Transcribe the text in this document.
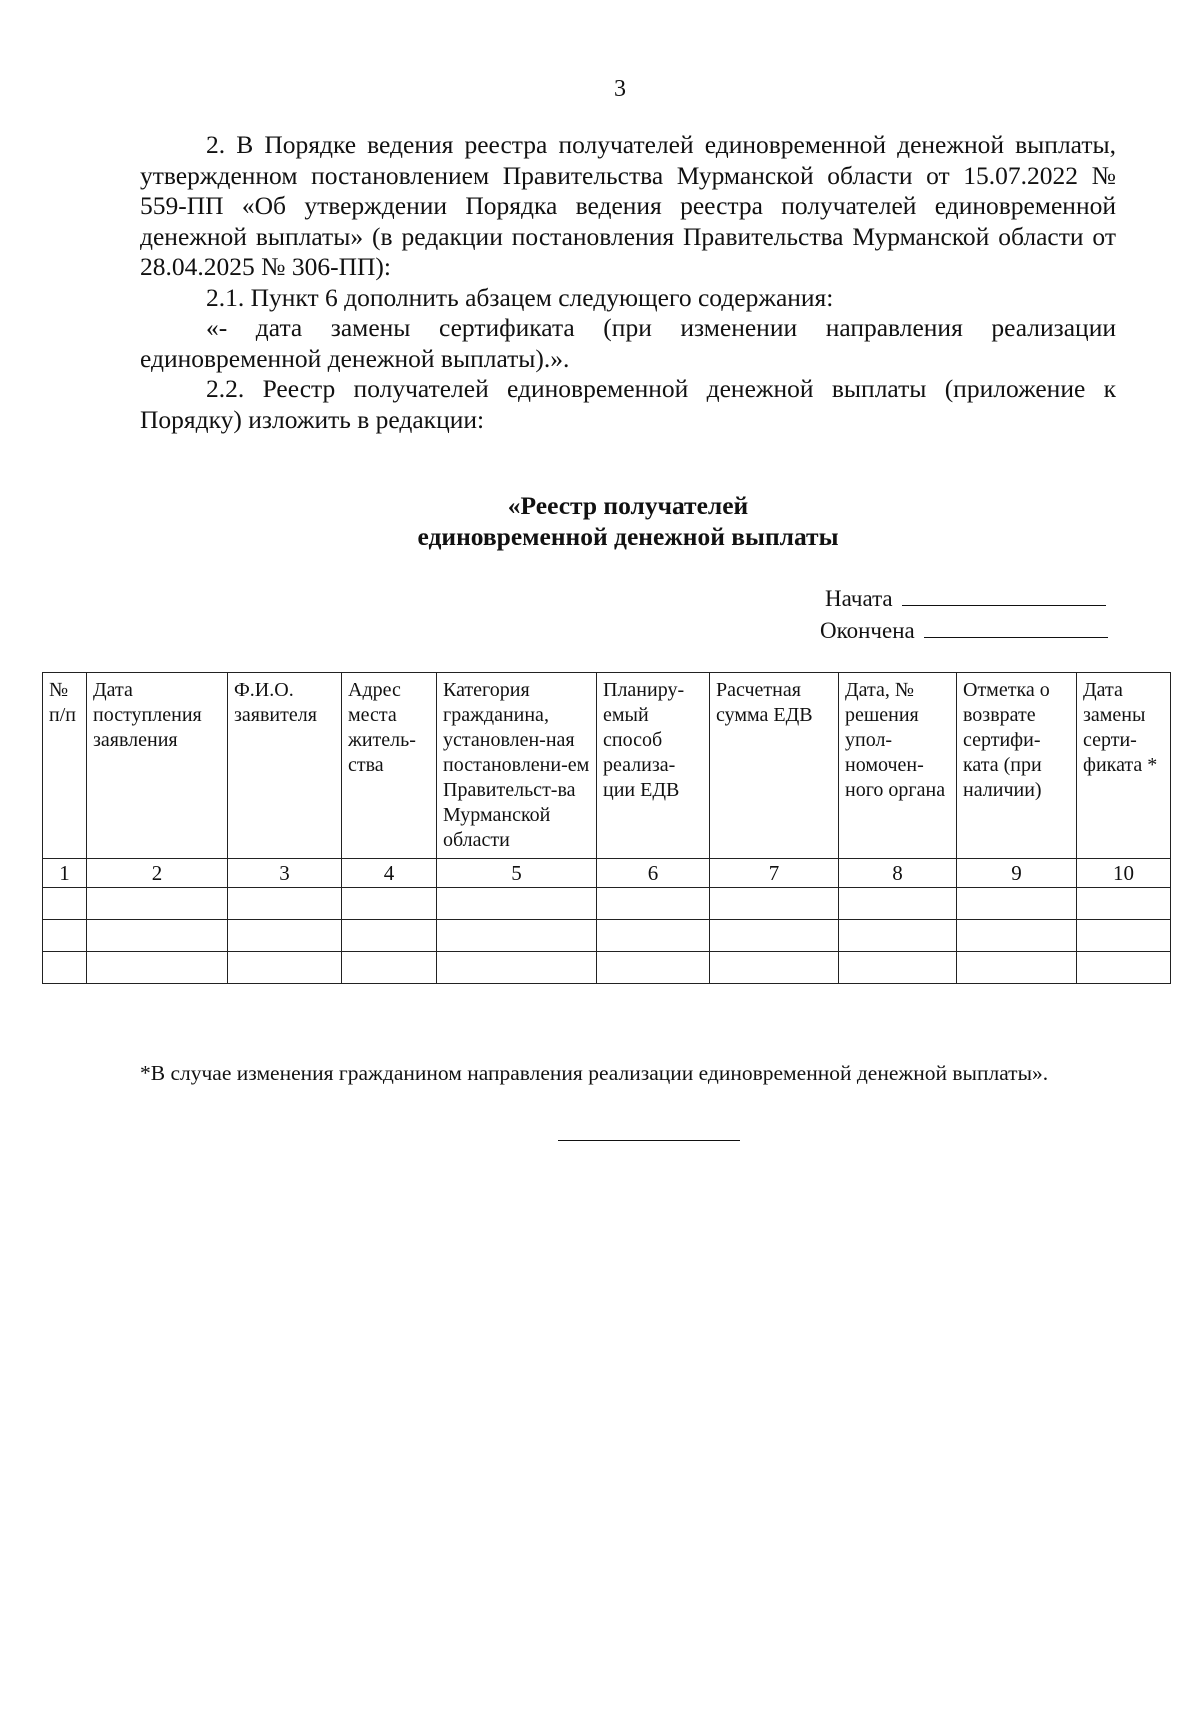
3

2. В Порядке ведения реестра получателей единовременной денежной выплаты, утвержденном постановлением Правительства Мурманской области от 15.07.2022 № 559-ПП «Об утверждении Порядка ведения реестра получателей единовременной денежной выплаты» (в редакции постановления Правительства Мурманской области от 28.04.2025 № 306-ПП):

2.1. Пункт 6 дополнить абзацем следующего содержания:

«- дата замены сертификата (при изменении направления реализации единовременной денежной выплаты).».

2.2. Реестр получателей единовременной денежной выплаты (приложение к Порядку) изложить в редакции:

«Реестр получателей
единовременной денежной выплаты
Начата
Окончена
№ п/п	Дата поступления заявления	Ф.И.О. заявителя	Адрес места житель-ства	Категория гражданина, установлен-ная постановлени-ем Правительст-ва Мурманской области	Планиру-емый способ реализа-ции ЕДВ	Расчетная сумма ЕДВ	Дата, № решения упол-номочен-ного органа	Отметка о возврате сертифи-ката (при наличии)	Дата замены серти-фиката *
1	2	3	4	5	6	7	8	9	10

*В случае изменения гражданином направления реализации единовременной денежной выплаты».
